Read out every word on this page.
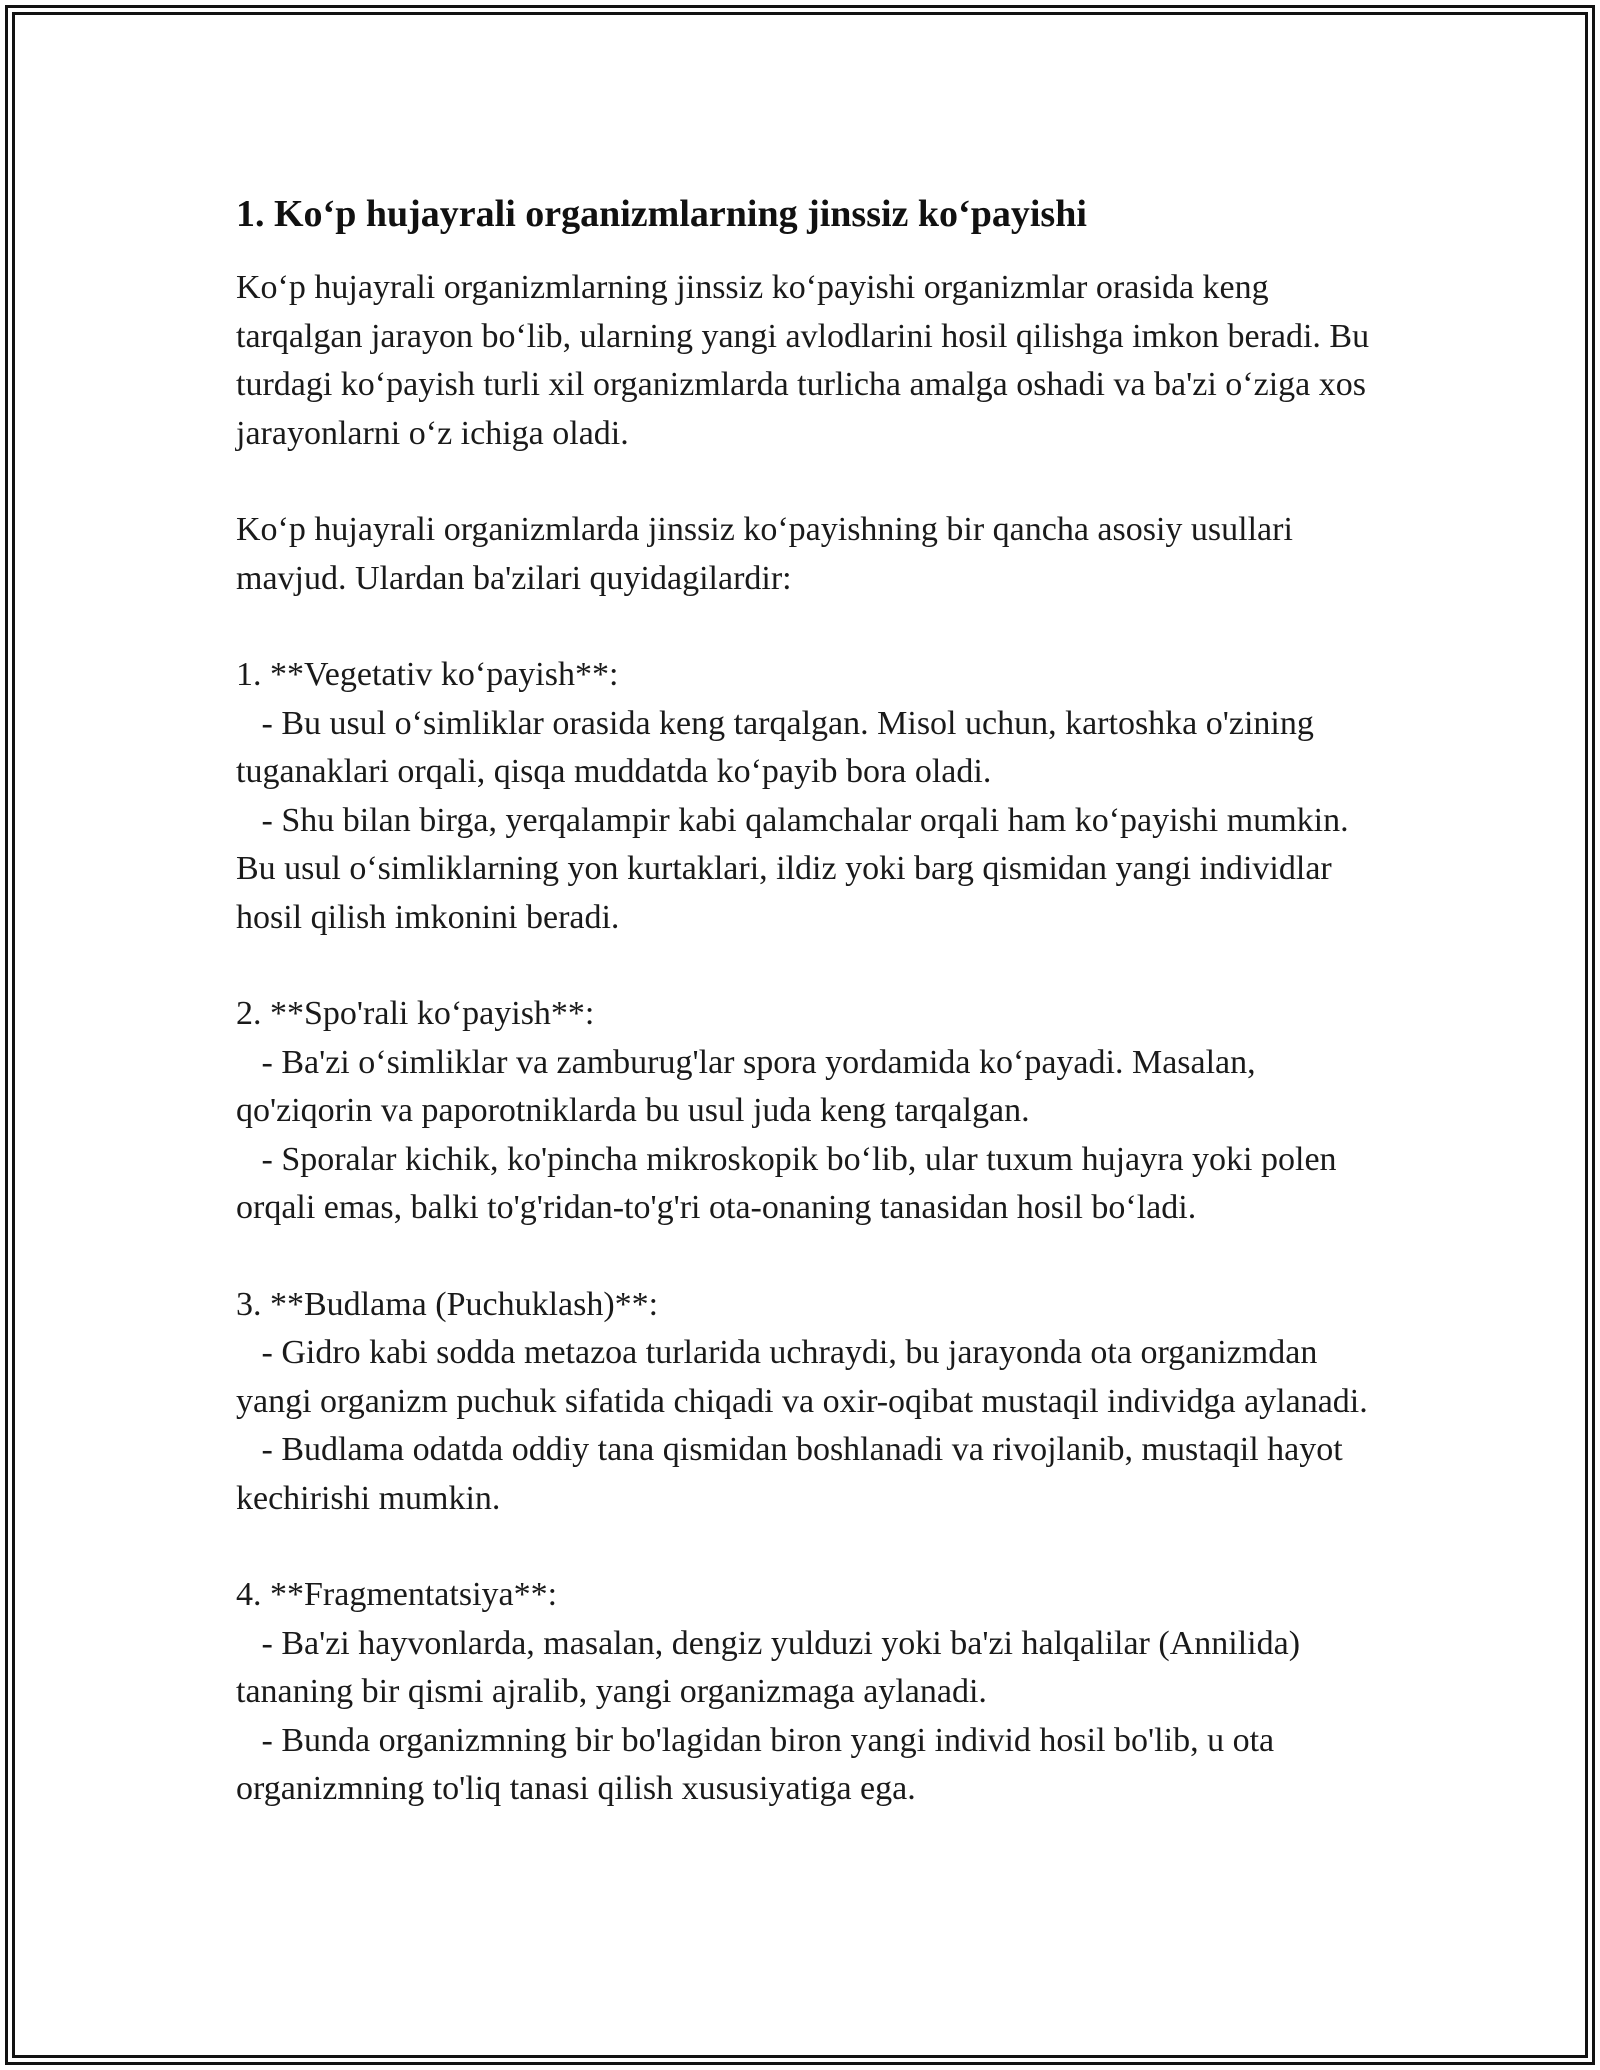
1. Ko‘p hujayrali organizmlarning jinssiz ko‘payishi

Ko‘p hujayrali organizmlarning jinssiz ko‘payishi organizmlar orasida keng tarqalgan jarayon bo‘lib, ularning yangi avlodlarini hosil qilishga imkon beradi. Bu turdagi ko‘payish turli xil organizmlarda turlicha amalga oshadi va ba'zi o‘ziga xos jarayonlarni o‘z ichiga oladi.

Ko‘p hujayrali organizmlarda jinssiz ko‘payishning bir qancha asosiy usullari mavjud. Ulardan ba'zilari quyidagilardir:

1. **Vegetativ ko‘payish**:
- Bu usul o‘simliklar orasida keng tarqalgan. Misol uchun, kartoshka o'zining tuganaklari orqali, qisqa muddatda ko‘payib bora oladi.
- Shu bilan birga, yerqalampir kabi qalamchalar orqali ham ko‘payishi mumkin. Bu usul o‘simliklarning yon kurtaklari, ildiz yoki barg qismidan yangi individlar hosil qilish imkonini beradi.

2. **Spo'rali ko‘payish**:
- Ba'zi o‘simliklar va zamburug'lar spora yordamida ko‘payadi. Masalan, qo'ziqorin va paporotniklarda bu usul juda keng tarqalgan.
- Sporalar kichik, ko'pincha mikroskopik bo‘lib, ular tuxum hujayra yoki polen orqali emas, balki to'g'ridan-to'g'ri ota-onaning tanasidan hosil bo‘ladi.

3. **Budlama (Puchuklash)**:
- Gidro kabi sodda metazoa turlarida uchraydi, bu jarayonda ota organizmdan yangi organizm puchuk sifatida chiqadi va oxir-oqibat mustaqil individga aylanadi.
- Budlama odatda oddiy tana qismidan boshlanadi va rivojlanib, mustaqil hayot kechirishi mumkin.

4. **Fragmentatsiya**:
- Ba'zi hayvonlarda, masalan, dengiz yulduzi yoki ba'zi halqalilar (Annilida) tananing bir qismi ajralib, yangi organizmaga aylanadi.
- Bunda organizmning bir bo'lagidan biron yangi individ hosil bo'lib, u ota organizmning to'liq tanasi qilish xususiyatiga ega.
